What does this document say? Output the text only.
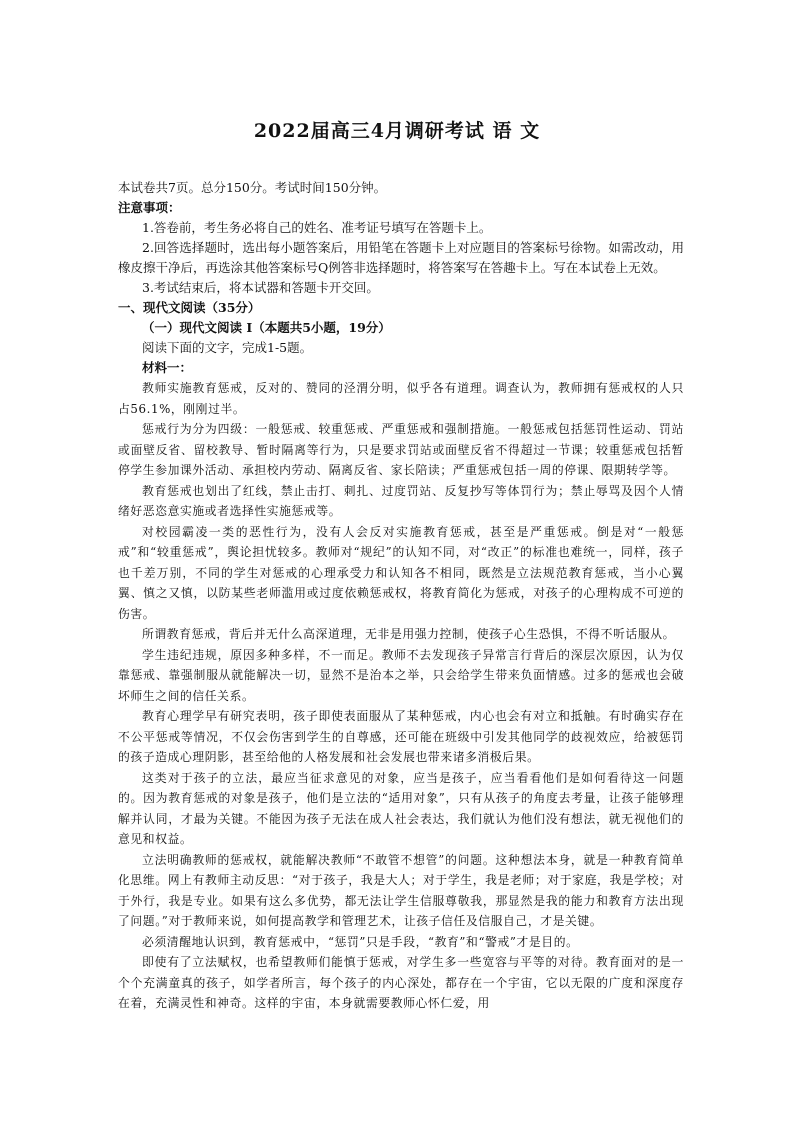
2022届高三4月调研考试 语 文

本试卷共7页。总分150分。考试时间150分钟。

注意事项：

1.答卷前，考生务必将自己的姓名、准考证号填写在答题卡上。

2.回答选择题时，选出每小题答案后，用铅笔在答题卡上对应题目的答案标号徐物。如需改动，用橡皮擦干净后，再选涂其他答案标号Q例答非选择题时，将答案写在答趣卡上。写在本试卷上无效。

3.考试结束后，将本试器和答题卡开交回。

一、现代文阅读（35分）

（一）现代文阅读 I（本题共5小题，19分）

阅读下面的文字，完成1-5题。

材料一：

教师实施教育惩戒，反对的、赞同的泾渭分明，似乎各有道理。调查认为，教师拥有惩戒权的人只占56.1%，刚刚过半。

惩戒行为分为四级：一般惩戒、较重惩戒、严重惩戒和强制措施。一般惩戒包括惩罚性运动、罚站或面壁反省、留校教导、暂时隔离等行为，只是要求罚站或面壁反省不得超过一节课；较重惩戒包括暂停学生参加课外活动、承担校内劳动、隔离反省、家长陪读；严重惩戒包括一周的停课、限期转学等。

教育惩戒也划出了红线，禁止击打、刺扎、过度罚站、反复抄写等体罚行为；禁止辱骂及因个人情绪好恶恣意实施或者选择性实施惩戒等。

对校园霸凌一类的恶性行为，没有人会反对实施教育惩戒，甚至是严重惩戒。倒是对“一般惩戒”和“较重惩戒”，舆论担忧较多。教师对“规纪”的认知不同，对“改正”的标准也难统一，同样，孩子也千差万别，不同的学生对惩戒的心理承受力和认知各不相同，既然是立法规范教育惩戒，当小心翼翼、慎之又慎，以防某些老师滥用或过度依赖惩戒权，将教育简化为惩戒，对孩子的心理构成不可逆的伤害。

所谓教育惩戒，背后并无什么高深道理，无非是用强力控制，使孩子心生恐惧，不得不听话服从。

学生违纪违规，原因多种多样，不一而足。教师不去发现孩子异常言行背后的深层次原因，认为仅靠惩戒、靠强制服从就能解决一切，显然不是治本之举，只会给学生带来负面情感。过多的惩戒也会破坏师生之间的信任关系。

教育心理学早有研究表明，孩子即使表面服从了某种惩戒，内心也会有对立和抵触。有时确实存在不公平惩戒等情况，不仅会伤害到学生的自尊感，还可能在班级中引发其他同学的歧视效应，给被惩罚的孩子造成心理阴影，甚至给他的人格发展和社会发展也带来诸多消极后果。

这类对于孩子的立法，最应当征求意见的对象，应当是孩子，应当看看他们是如何看待这一问题的。因为教育惩戒的对象是孩子，他们是立法的“适用对象”，只有从孩子的角度去考量，让孩子能够理解并认同，才最为关键。不能因为孩子无法在成人社会表达，我们就认为他们没有想法，就无视他们的意见和权益。

立法明确教师的惩戒权，就能解决教师“不敢管不想管”的问题。这种想法本身，就是一种教育简单化思维。网上有教师主动反思：“对于孩子，我是大人；对于学生，我是老师；对于家庭，我是学校；对于外行，我是专业。如果有这么多优势，都无法让学生信服尊敬我，那显然是我的能力和教育方法出现了问题。”对于教师来说，如何提高教学和管理艺术，让孩子信任及信服自己，才是关键。

必须清醒地认识到，教育惩戒中，“惩罚”只是手段，“教育”和“警戒”才是目的。

即使有了立法赋权，也希望教师们能慎于惩戒，对学生多一些宽容与平等的对待。教育面对的是一个个充满童真的孩子，如学者所言，每个孩子的内心深处，都存在一个宇宙，它以无限的广度和深度存在着，充满灵性和神奇。这样的宇宙，本身就需要教师心怀仁爱，用
